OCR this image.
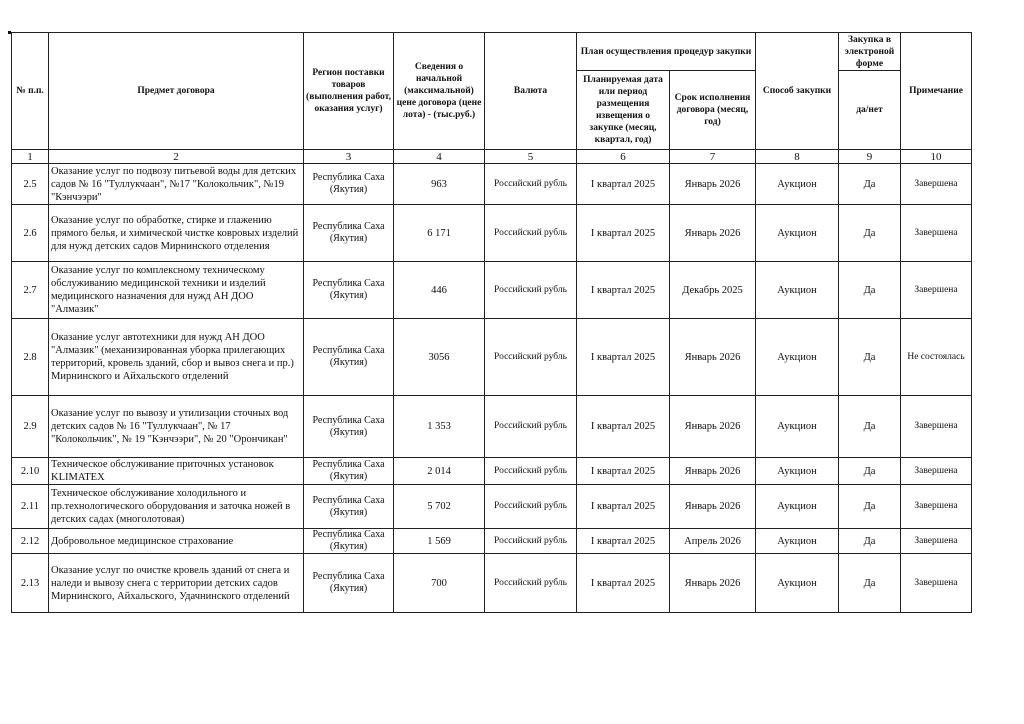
№ п.п.	Предмет договора	Регион поставки товаров (выполнения работ, оказания услуг)	Сведения о начальной (максимальной) цене договора (цене лота) - (тыс.руб.)	Валюта	План осуществления процедур закупки		Способ закупки	Закупка в электроной форме	Примечание
					Планируемая дата или период размещения извещения о закупке (месяц, квартал, год)	Срок исполнения договора (месяц, год)		да/нет	
1	2	3	4	5	6	7	8	9	10
2.5	Оказание услуг по подвозу питьевой воды для детских садов № 16 "Туллукчаан", №17 "Колокольчик", №19 "Кэнчээри"	Республика Саха (Якутия)	963	Российский рубль	I квартал 2025	Январь 2026	Аукцион	Да	Завершена
2.6	Оказание услуг по обработке, стирке и глажению прямого белья, и химической чистке ковровых изделий для нужд детских садов Мирнинского отделения	Республика Саха (Якутия)	6 171	Российский рубль	I квартал 2025	Январь 2026	Аукцион	Да	Завершена
2.7	Оказание услуг по комплексному техническому обслуживанию медицинской техники и изделий медицинского назначения для нужд АН ДОО "Алмазик"	Республика Саха (Якутия)	446	Российский рубль	I квартал 2025	Декабрь 2025	Аукцион	Да	Завершена
2.8	Оказание услуг автотехники для нужд АН ДОО "Алмазик" (механизированная уборка прилегающих территорий, кровель зданий, сбор и вывоз снега и пр.) Мирнинского и Айхальского отделений	Республика Саха (Якутия)	3056	Российский рубль	I квартал 2025	Январь 2026	Аукцион	Да	Не состоялась
2.9	Оказание услуг по вывозу и утилизации сточных вод детских садов № 16 "Туллукчаан", № 17 "Колокольчик", № 19 "Кэнчээри", № 20 "Орончикан"	Республика Саха (Якутия)	1 353	Российский рубль	I квартал 2025	Январь 2026	Аукцион	Да	Завершена
2.10	Техническое обслуживание приточных установок KLIMATEX	Республика Саха (Якутия)	2 014	Российский рубль	I квартал 2025	Январь 2026	Аукцион	Да	Завершена
2.11	Техническое обслуживание холодильного и пр.технологического оборудования и заточка ножей в детских садах (многолотовая)	Республика Саха (Якутия)	5 702	Российский рубль	I квартал 2025	Январь 2026	Аукцион	Да	Завершена
2.12	Добровольное медицинское страхование	Республика Саха (Якутия)	1 569	Российский рубль	I квартал 2025	Апрель 2026	Аукцион	Да	Завершена
2.13	Оказание услуг по очистке кровель зданий от снега и наледи и вывозу снега с территории детских садов Мирнинского, Айхальского, Удачнинского отделений	Республика Саха (Якутия)	700	Российский рубль	I квартал 2025	Январь 2026	Аукцион	Да	Завершена
